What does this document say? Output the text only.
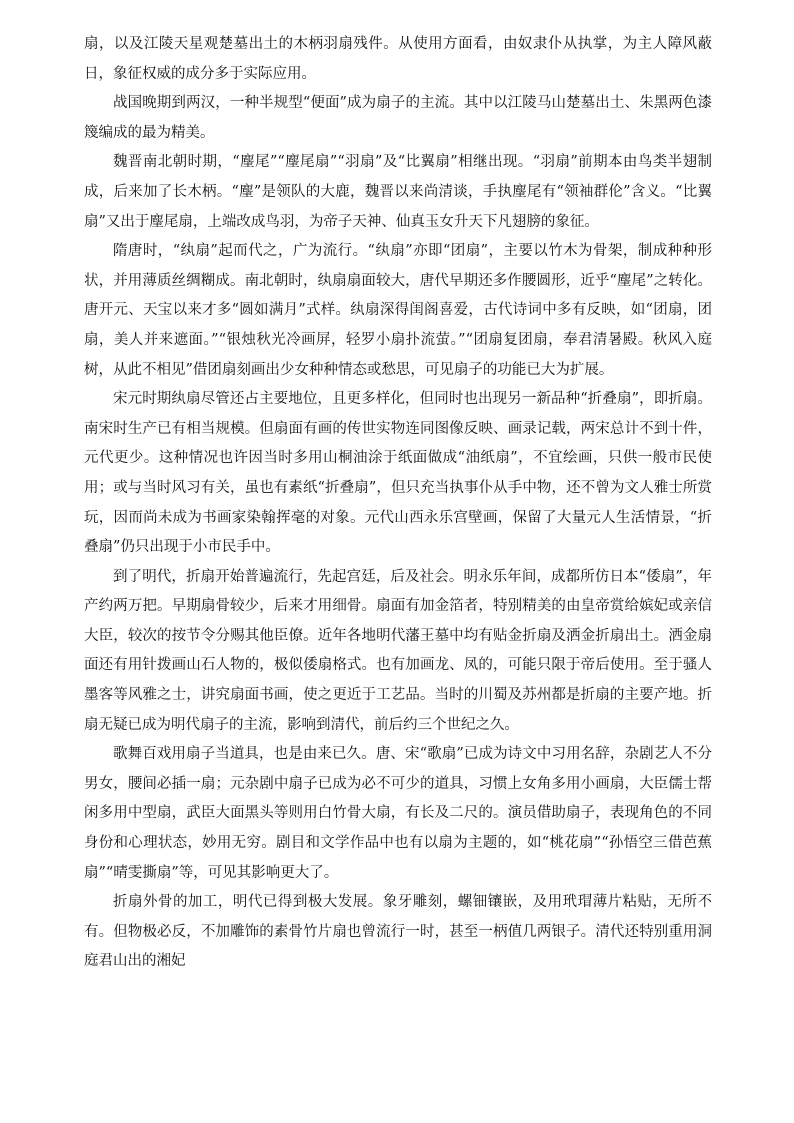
扇，以及江陵天星观楚墓出土的木柄羽扇残件。从使用方面看，由奴隶仆从执掌，为主人障风蔽日，象征权威的成分多于实际应用。

战国晚期到两汉，一种半规型“便面”成为扇子的主流。其中以江陵马山楚墓出土、朱黑两色漆篾编成的最为精美。

魏晋南北朝时期，“麈尾”“麈尾扇”“羽扇”及“比翼扇”相继出现。“羽扇”前期本由鸟类半翅制成，后来加了长木柄。“麈”是领队的大鹿，魏晋以来尚清谈，手执麈尾有“领袖群伦”含义。“比翼扇”又出于麈尾扇，上端改成鸟羽，为帝子天神、仙真玉女升天下凡翅膀的象征。

隋唐时，“纨扇”起而代之，广为流行。“纨扇”亦即“团扇”，主要以竹木为骨架，制成种种形状，并用薄质丝绸糊成。南北朝时，纨扇扇面较大，唐代早期还多作腰圆形，近乎“麈尾”之转化。唐开元、天宝以来才多“圆如满月”式样。纨扇深得闺阁喜爱，古代诗词中多有反映，如“团扇，团扇，美人并来遮面。”“银烛秋光冷画屏，轻罗小扇扑流萤。”“团扇复团扇，奉君清暑殿。秋风入庭树，从此不相见”借团扇刻画出少女种种情态或愁思，可见扇子的功能已大为扩展。

宋元时期纨扇尽管还占主要地位，且更多样化，但同时也出现另一新品种“折叠扇”，即折扇。南宋时生产已有相当规模。但扇面有画的传世实物连同图像反映、画录记载，两宋总计不到十件，元代更少。这种情况也许因当时多用山桐油涂于纸面做成“油纸扇”，不宜绘画，只供一般市民使用；或与当时风习有关，虽也有素纸“折叠扇”，但只充当执事仆从手中物，还不曾为文人雅士所赏玩，因而尚未成为书画家染翰挥毫的对象。元代山西永乐宫壁画，保留了大量元人生活情景，“折叠扇”仍只出现于小市民手中。

到了明代，折扇开始普遍流行，先起宫廷，后及社会。明永乐年间，成都所仿日本“倭扇”，年产约两万把。早期扇骨较少，后来才用细骨。扇面有加金箔者，特别精美的由皇帝赏给嫔妃或亲信大臣，较次的按节令分赐其他臣僚。近年各地明代藩王墓中均有贴金折扇及洒金折扇出土。洒金扇面还有用针拨画山石人物的，极似倭扇格式。也有加画龙、凤的，可能只限于帝后使用。至于骚人墨客等风雅之士，讲究扇面书画，使之更近于工艺品。当时的川蜀及苏州都是折扇的主要产地。折扇无疑已成为明代扇子的主流，影响到清代，前后约三个世纪之久。

歌舞百戏用扇子当道具，也是由来已久。唐、宋“歌扇”已成为诗文中习用名辞，杂剧艺人不分男女，腰间必插一扇；元杂剧中扇子已成为必不可少的道具，习惯上女角多用小画扇，大臣儒士帮闲多用中型扇，武臣大面黑头等则用白竹骨大扇，有长及二尺的。演员借助扇子，表现角色的不同身份和心理状态，妙用无穷。剧目和文学作品中也有以扇为主题的，如“桃花扇”“孙悟空三借芭蕉扇”“晴雯撕扇”等，可见其影响更大了。

折扇外骨的加工，明代已得到极大发展。象牙雕刻，螺钿镶嵌，及用玳瑁薄片粘贴，无所不有。但物极必反，不加雕饰的素骨竹片扇也曾流行一时，甚至一柄值几两银子。清代还特别重用洞庭君山出的湘妃
